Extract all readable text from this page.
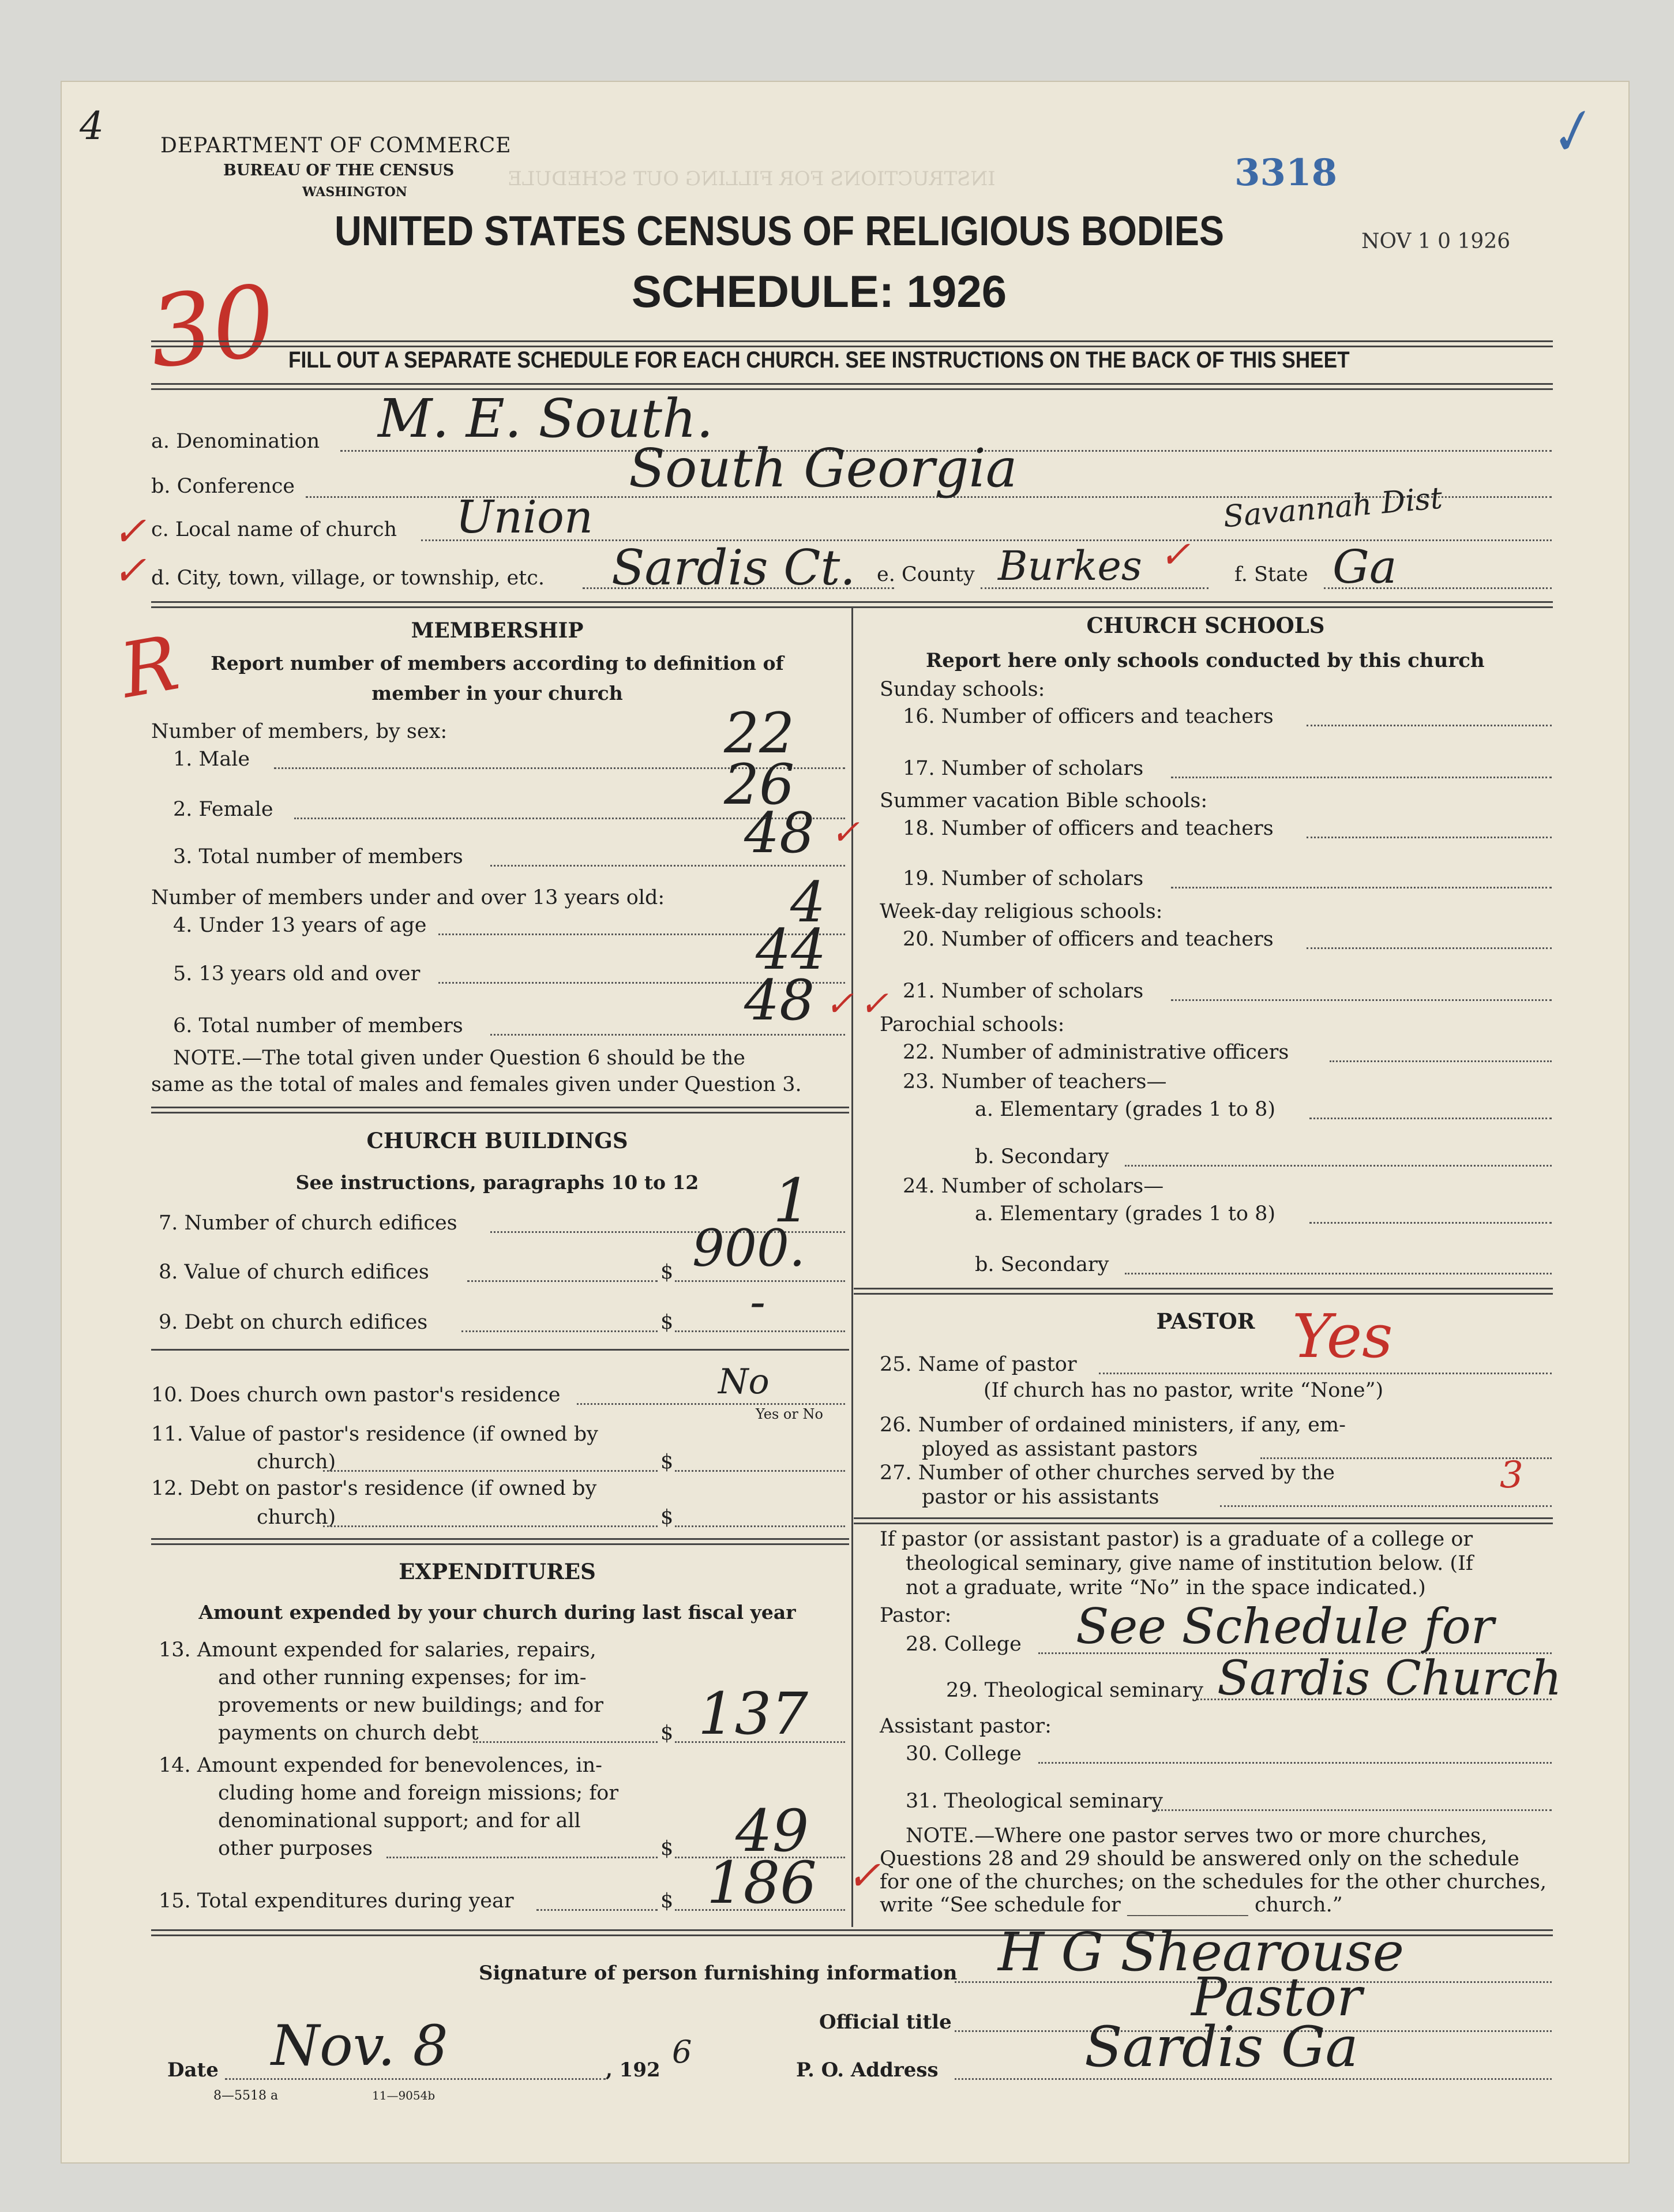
INSTRUCTIONS FOR FILLING OUT SCHEDULE
4	✓
DEPARTMENT OF COMMERCE
BUREAU OF THE CENSUS
WASHINGTON	3318
UNITED STATES CENSUS OF RELIGIOUS BODIES	NOV 1 0 1926
SCHEDULE: 1926
30 FILL OUT A SEPARATE SCHEDULE FOR EACH CHURCH. SEE INSTRUCTIONS ON THE BACK OF THIS SHEET
a. Denomination M. E. South.
b. Conference	South Georgia
✓ c. Local name of church Union	Savannah Dist
✓ d. City, town, village, or township, etc. Sardis Ct. e. County Burkes ✓ f. State Ga
R	MEMBERSHIP
Report number of members according to definition of
member in your church
Number of members, by sex:
1. Male	22
2. Female	26
3. Total number of members	48 ✓
Number of members under and over 13 years old:
4. Under 13 years of age	4
5. 13 years old and over	44
6. Total number of members	48 ✓ ✓
NOTE.—The total given under Question 6 should be the
same as the total of males and females given under Question 3.
CHURCH BUILDINGS
See instructions, paragraphs 10 to 12
7. Number of church edifices	1
8. Value of church edifices	$ 900.
9. Debt on church edifices	$ -
10. Does church own pastor's residence	No
Yes or No
11. Value of pastor's residence (if owned by
church)	$
12. Debt on pastor's residence (if owned by
church)	$
EXPENDITURES
Amount expended by your church during last fiscal year
13. Amount expended for salaries, repairs,
and other running expenses; for im-
provements or new buildings; and for
payments on church debt	$ 137
14. Amount expended for benevolences, in-
cluding home and foreign missions; for
denominational support; and for all
other purposes	$ 49
15. Total expenditures during year	$ 186 ✓
CHURCH SCHOOLS
Report here only schools conducted by this church
Sunday schools:
16. Number of officers and teachers
17. Number of scholars
Summer vacation Bible schools:
18. Number of officers and teachers
19. Number of scholars
Week-day religious schools:
20. Number of officers and teachers
21. Number of scholars
Parochial schools:
22. Number of administrative officers
23. Number of teachers—
a. Elementary (grades 1 to 8)
b. Secondary
24. Number of scholars—
a. Elementary (grades 1 to 8)
b. Secondary
PASTOR
25. Name of pastor	Yes
(If church has no pastor, write “None”)
26. Number of ordained ministers, if any, em-
ployed as assistant pastors
27. Number of other churches served by the
pastor or his assistants
3
If pastor (or assistant pastor) is a graduate of a college or
theological seminary, give name of institution below. (If
not a graduate, write “No” in the space indicated.)
Pastor:
28. College See Schedule for
29. Theological seminary Sardis Church
Assistant pastor:
30. College
31. Theological seminary
NOTE.—Where one pastor serves two or more churches,
Questions 28 and 29 should be answered only on the schedule
for one of the churches; on the schedules for the other churches,
write “See schedule for ____________ church.”
Signature of person furnishing information H G Shearouse
Official title	Pastor
Date Nov. 8	, 192 6	P. O. Address	Sardis Ga
8—5518 a	11—9054b
